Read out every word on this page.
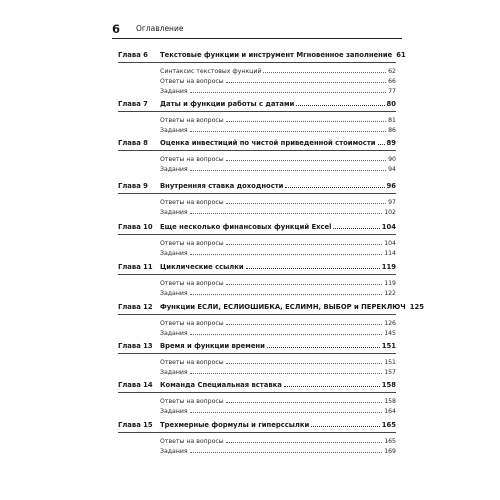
6 Оглавление
Глава 6 Текстовые функции и инструмент Мгновенное заполнение 61
Синтаксис текстовых функций	62
Ответы на вопросы	66
Задания	77
Глава 7 Даты и функции работы с датами	80
Ответы на вопросы	81
Задания	86
Глава 8 Оценка инвестиций по чистой приведенной стоимости 89
Ответы на вопросы	90
Задания	94
Глава 9 Внутренняя ставка доходности	96
Ответы на вопросы	97
Задания	102
Глава 10 Еще несколько финансовых функций Excel	104
Ответы на вопросы	104
Задания	114
Глава 11 Циклические ссылки	119
Ответы на вопросы	119
Задания	122
Глава 12 Функции ЕСЛИ, ЕСЛИОШИБКА, ЕСЛИМН, ВЫБОР и ПЕРЕКЛЮЧ 125
Ответы на вопросы	126
Задания	145
Глава 13 Время и функции времени	151
Ответы на вопросы	151
Задания	157
Глава 14 Команда Специальная вставка	158
Ответы на вопросы	158
Задания	164
Глава 15 Трехмерные формулы и гиперссылки	165
Ответы на вопросы	165
Задания	169
